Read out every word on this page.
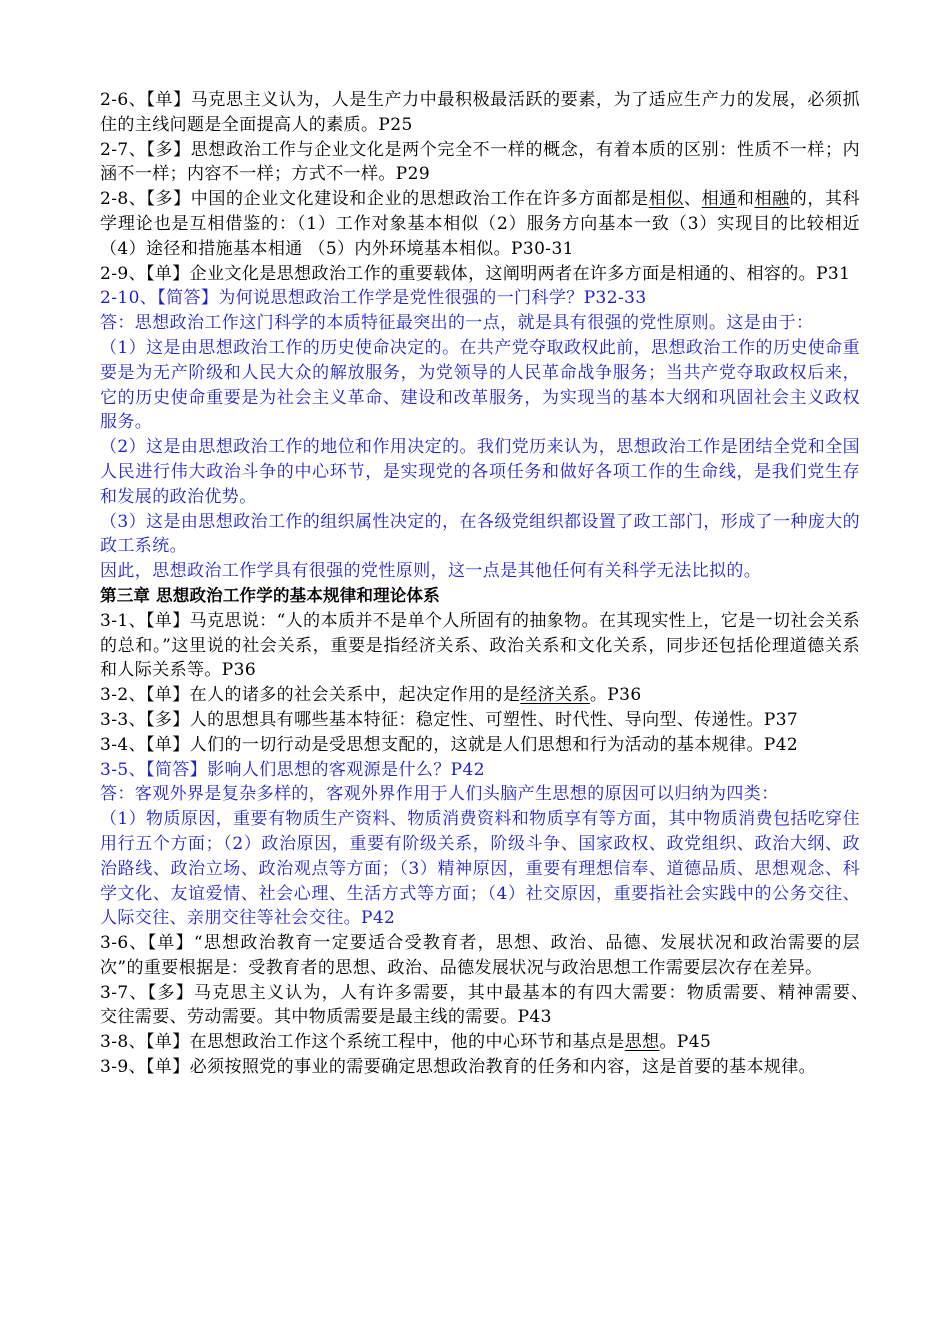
2-6、【单】马克思主义认为，人是生产力中最积极最活跃的要素，为了适应生产力的发展，必须抓住的主线问题是全面提高人的素质。P25

2-7、【多】思想政治工作与企业文化是两个完全不一样的概念，有着本质的区别：性质不一样；内涵不一样；内容不一样；方式不一样。P29

2-8、【多】中国的企业文化建设和企业的思想政治工作在许多方面都是相似、相通和相融的，其科学理论也是互相借鉴的：（1）工作对象基本相似（2）服务方向基本一致（3）实现目的比较相近（4）途径和措施基本相通 （5）内外环境基本相似。P30-31

2-9、【单】企业文化是思想政治工作的重要载体，这阐明两者在许多方面是相通的、相容的。P31

2-10、【简答】为何说思想政治工作学是党性很强的一门科学？P32-33

答：思想政治工作这门科学的本质特征最突出的一点，就是具有很强的党性原则。这是由于：

（1）这是由思想政治工作的历史使命决定的。在共产党夺取政权此前，思想政治工作的历史使命重要是为无产阶级和人民大众的解放服务，为党领导的人民革命战争服务；当共产党夺取政权后来，它的历史使命重要是为社会主义革命、建设和改革服务，为实现当的基本大纲和巩固社会主义政权服务。

（2）这是由思想政治工作的地位和作用决定的。我们党历来认为，思想政治工作是团结全党和全国人民进行伟大政治斗争的中心环节，是实现党的各项任务和做好各项工作的生命线，是我们党生存和发展的政治优势。

（3）这是由思想政治工作的组织属性决定的，在各级党组织都设置了政工部门，形成了一种庞大的政工系统。

因此，思想政治工作学具有很强的党性原则，这一点是其他任何有关科学无法比拟的。

第三章 思想政治工作学的基本规律和理论体系

3-1、【单】马克思说：“人的本质并不是单个人所固有的抽象物。在其现实性上，它是一切社会关系的总和。”这里说的社会关系，重要是指经济关系、政治关系和文化关系，同步还包括伦理道德关系和人际关系等。P36

3-2、【单】在人的诸多的社会关系中，起决定作用的是经济关系。P36

3-3、【多】人的思想具有哪些基本特征：稳定性、可塑性、时代性、导向型、传递性。P37

3-4、【单】人们的一切行动是受思想支配的，这就是人们思想和行为活动的基本规律。P42

3-5、【简答】影响人们思想的客观源是什么？P42

答：客观外界是复杂多样的，客观外界作用于人们头脑产生思想的原因可以归纳为四类：

（1）物质原因，重要有物质生产资料、物质消费资料和物质享有等方面，其中物质消费包括吃穿住用行五个方面；（2）政治原因，重要有阶级关系，阶级斗争、国家政权、政党组织、政治大纲、政治路线、政治立场、政治观点等方面；（3）精神原因，重要有理想信奉、道德品质、思想观念、科学文化、友谊爱情、社会心理、生活方式等方面；（4）社交原因，重要指社会实践中的公务交往、人际交往、亲朋交往等社会交往。P42

3-6、【单】“思想政治教育一定要适合受教育者，思想、政治、品德、发展状况和政治需要的层次”的重要根据是：受教育者的思想、政治、品德发展状况与政治思想工作需要层次存在差异。

3-7、【多】马克思主义认为，人有许多需要，其中最基本的有四大需要：物质需要、精神需要、　 交往需要、劳动需要。其中物质需要是最主线的需要。P43

3-8、【单】在思想政治工作这个系统工程中，他的中心环节和基点是思想。P45

3-9、【单】必须按照党的事业的需要确定思想政治教育的任务和内容，这是首要的基本规律。
